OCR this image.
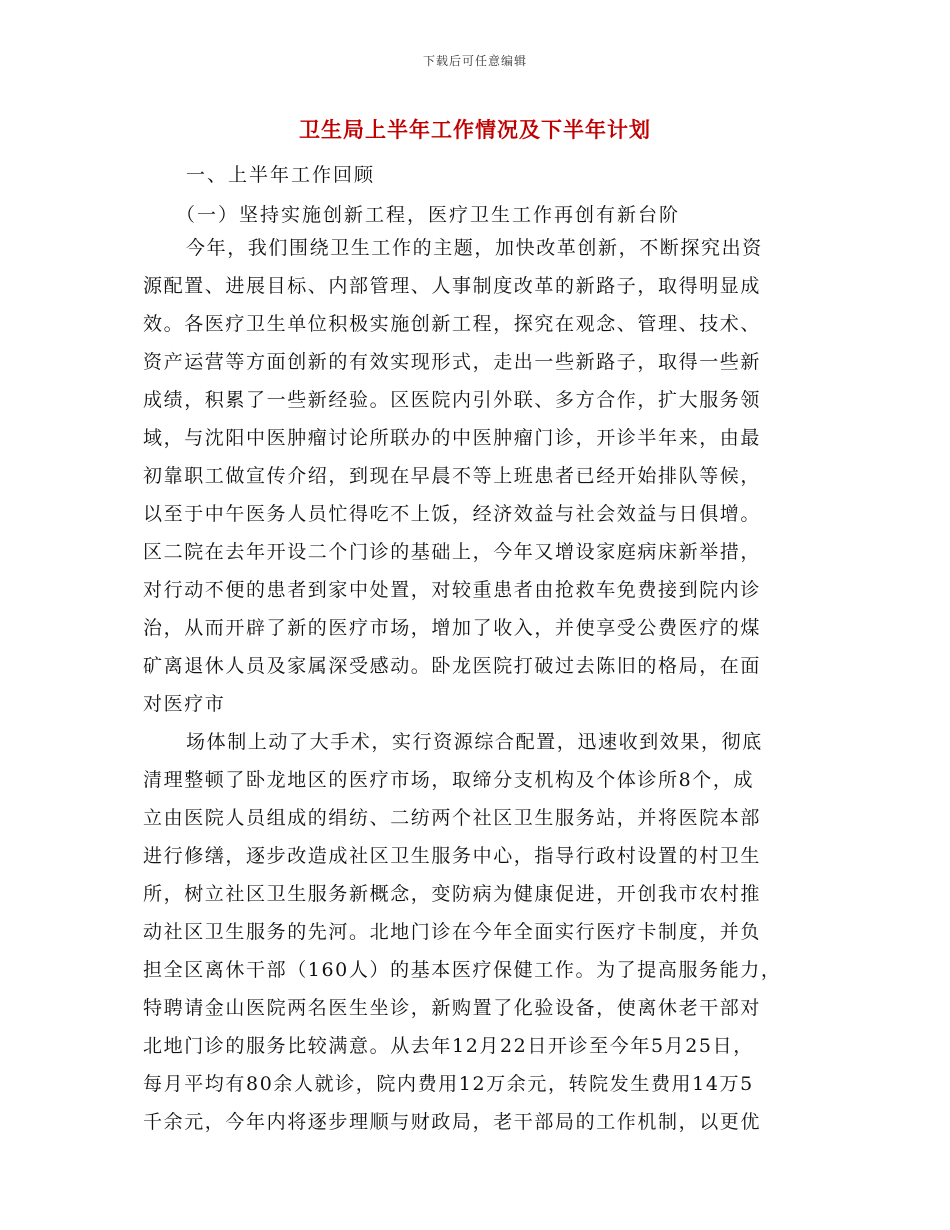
下载后可任意编辑
卫生局上半年工作情况及下半年计划
一、上半年工作回顾
（一）坚持实施创新工程，医疗卫生工作再创有新台阶
今年，我们围绕卫生工作的主题，加快改革创新，不断探究出资
源配置、进展目标、内部管理、人事制度改革的新路子，取得明显成
效。各医疗卫生单位积极实施创新工程，探究在观念、管理、技术、
资产运营等方面创新的有效实现形式，走出一些新路子，取得一些新
成绩，积累了一些新经验。区医院内引外联、多方合作，扩大服务领
域，与沈阳中医肿瘤讨论所联办的中医肿瘤门诊，开诊半年来，由最
初靠职工做宣传介绍，到现在早晨不等上班患者已经开始排队等候，
以至于中午医务人员忙得吃不上饭，经济效益与社会效益与日俱增。
区二院在去年开设二个门诊的基础上，今年又增设家庭病床新举措，
对行动不便的患者到家中处置，对较重患者由抢救车免费接到院内诊
治，从而开辟了新的医疗市场，增加了收入，并使享受公费医疗的煤
矿离退休人员及家属深受感动。卧龙医院打破过去陈旧的格局，在面
对医疗市
场体制上动了大手术，实行资源综合配置，迅速收到效果，彻底
清理整顿了卧龙地区的医疗市场，取缔分支机构及个体诊所8个，成
立由医院人员组成的绢纺、二纺两个社区卫生服务站，并将医院本部
进行修缮，逐步改造成社区卫生服务中心，指导行政村设置的村卫生
所，树立社区卫生服务新概念，变防病为健康促进，开创我市农村推
动社区卫生服务的先河。北地门诊在今年全面实行医疗卡制度，并负
担全区离休干部（160人）的基本医疗保健工作。为了提高服务能力，
特聘请金山医院两名医生坐诊，新购置了化验设备，使离休老干部对
北地门诊的服务比较满意。从去年12月22日开诊至今年5月25日，
每月平均有80余人就诊，院内费用12万余元，转院发生费用14万5
千余元，今年内将逐步理顺与财政局，老干部局的工作机制，以更优
